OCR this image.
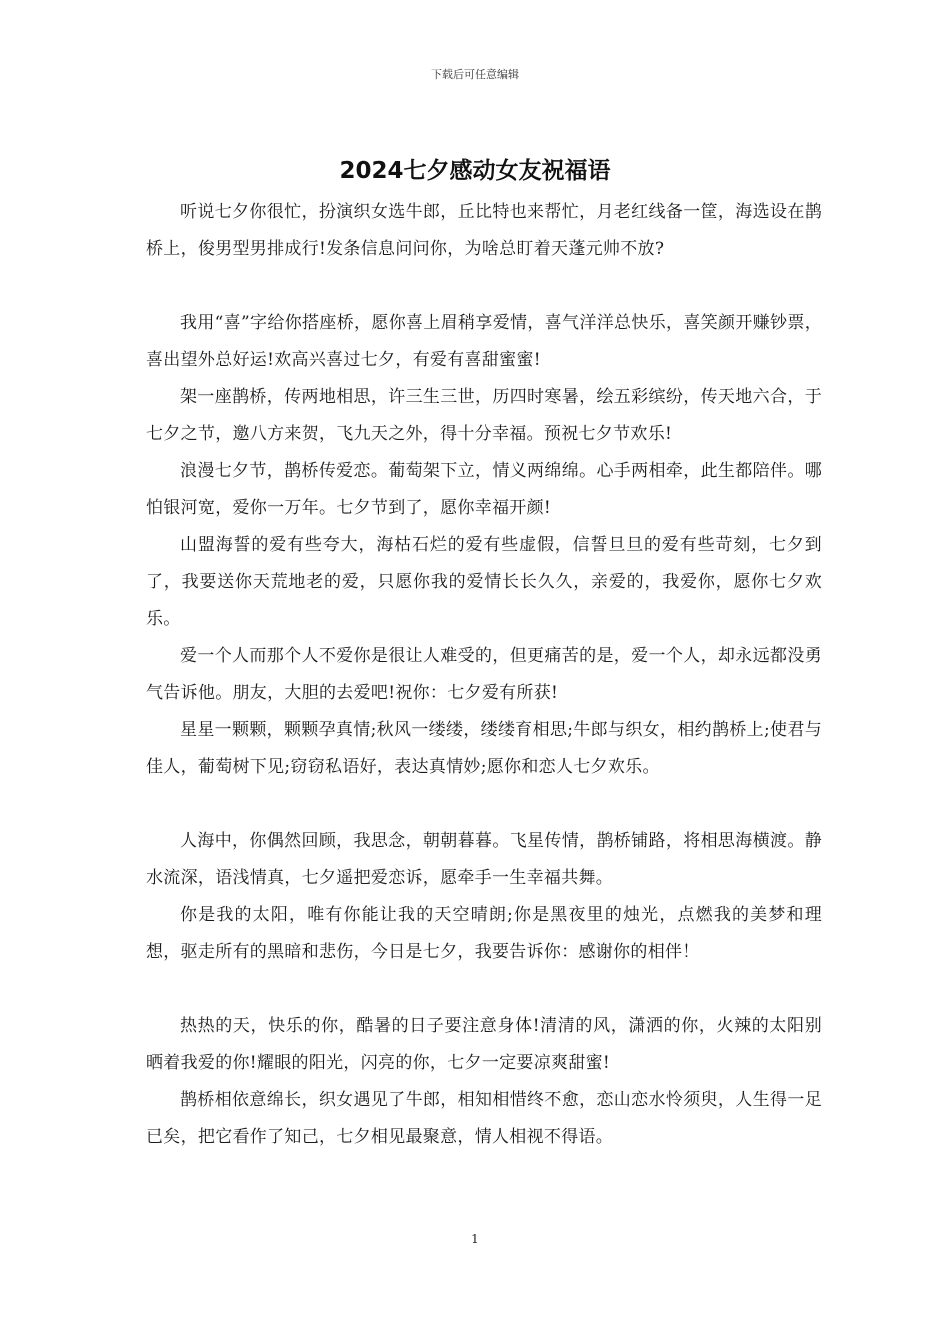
下载后可任意编辑
2024七夕感动女友祝福语

听说七夕你很忙，扮演织女选牛郎，丘比特也来帮忙，月老红线备一筐，海选设在鹊桥上，俊男型男排成行!发条信息问问你，为啥总盯着天蓬元帅不放?

我用“喜”字给你搭座桥，愿你喜上眉稍享爱情，喜气洋洋总快乐，喜笑颜开赚钞票，喜出望外总好运!欢高兴喜过七夕，有爱有喜甜蜜蜜!

架一座鹊桥，传两地相思，许三生三世，历四时寒暑，绘五彩缤纷，传天地六合，于七夕之节，邀八方来贺，飞九天之外，得十分幸福。预祝七夕节欢乐!

浪漫七夕节，鹊桥传爱恋。葡萄架下立，情义两绵绵。心手两相牵，此生都陪伴。哪怕银河宽，爱你一万年。七夕节到了，愿你幸福开颜!

山盟海誓的爱有些夸大，海枯石烂的爱有些虚假，信誓旦旦的爱有些苛刻，七夕到了，我要送你天荒地老的爱，只愿你我的爱情长长久久，亲爱的，我爱你，愿你七夕欢乐。

爱一个人而那个人不爱你是很让人难受的，但更痛苦的是，爱一个人，却永远都没勇气告诉他。朋友，大胆的去爱吧!祝你：七夕爱有所获!

星星一颗颗，颗颗孕真情;秋风一缕缕，缕缕育相思;牛郎与织女，相约鹊桥上;使君与佳人，葡萄树下见;窃窃私语好，表达真情妙;愿你和恋人七夕欢乐。

人海中，你偶然回顾，我思念，朝朝暮暮。飞星传情，鹊桥铺路，将相思海横渡。静水流深，语浅情真，七夕遥把爱恋诉，愿牵手一生幸福共舞。

你是我的太阳，唯有你能让我的天空晴朗;你是黑夜里的烛光，点燃我的美梦和理想，驱走所有的黑暗和悲伤，今日是七夕，我要告诉你：感谢你的相伴！

热热的天，快乐的你，酷暑的日子要注意身体!清清的风，潇洒的你，火辣的太阳别晒着我爱的你!耀眼的阳光，闪亮的你，七夕一定要凉爽甜蜜!

鹊桥相依意绵长，织女遇见了牛郎，相知相惜终不愈，恋山恋水怜须臾，人生得一足已矣，把它看作了知己，七夕相见最聚意，情人相视不得语。

1
